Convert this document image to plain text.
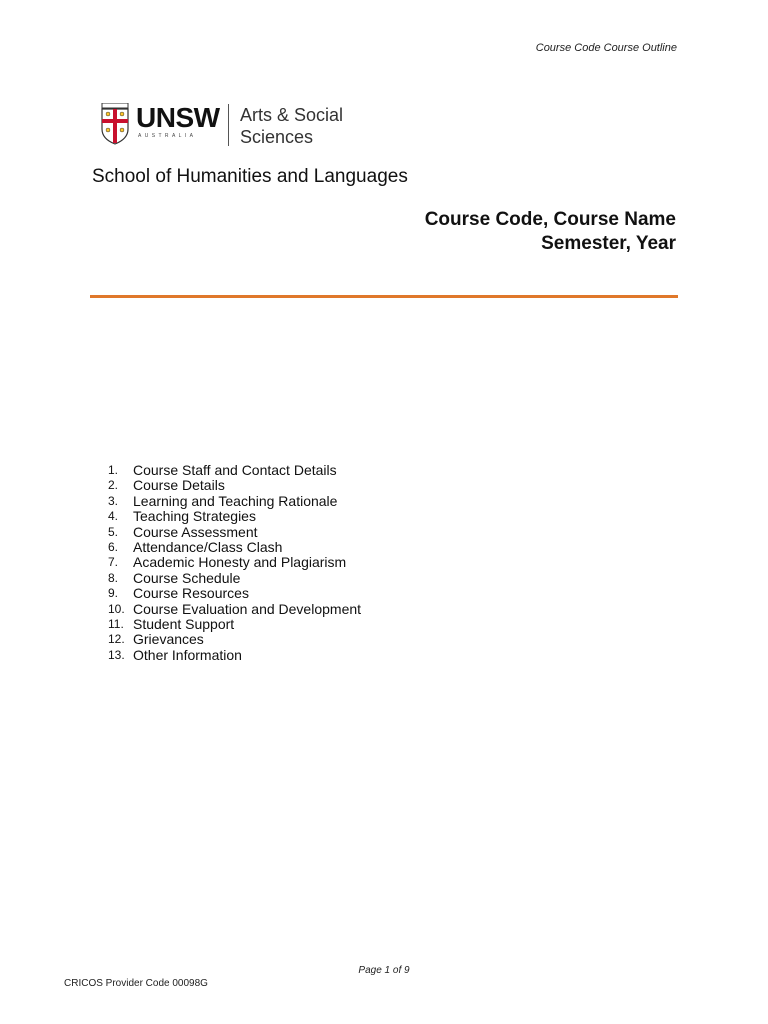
Course Code Course Outline
UNSW
AUSTRALIA
Arts & Social
Sciences
School of Humanities and Languages
Course Code, Course Name
Semester, Year
1.	Course Staff and Contact Details
2.	Course Details
3.	Learning and Teaching Rationale
4.	Teaching Strategies
5.	Course Assessment
6.	Attendance/Class Clash
7.	Academic Honesty and Plagiarism
8.	Course Schedule
9.	Course Resources
10. Course Evaluation and Development
11. Student Support
12. Grievances
13. Other Information
Page 1 of 9
CRICOS Provider Code 00098G
